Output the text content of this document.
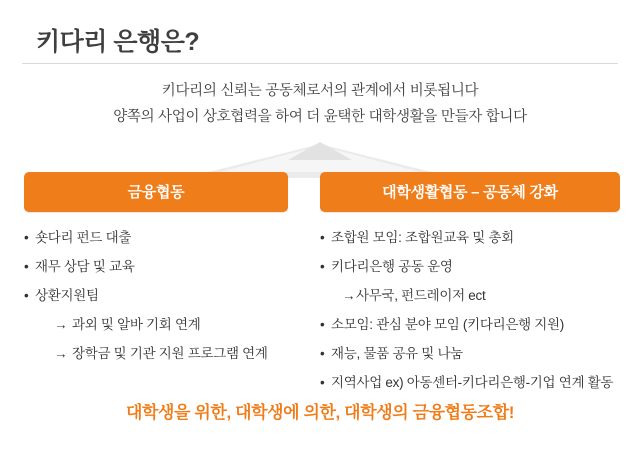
키다리 은행은?
키다리의 신뢰는 공동체로서의 관계에서 비롯됩니다
양쪽의 사업이 상호협력을 하여 더 윤택한 대학생활을 만들자 합니다
금융협동
• 숏다리 펀드 대출
• 재무 상담 및 교육
• 상환지원팀
→ 과외 및 알바 기회 연계
→ 장학금 및 기관 지원 프로그램 연계
대학생활협동 – 공동체 강화
• 조합원 모임: 조합원교육 및 총회
• 키다리은행 공동 운영
→ 사무국, 펀드레이저 ect
• 소모임: 관심 분야 모임 (키다리은행 지원)
• 재능, 물품 공유 및 나눔
• 지역사업 ex) 아동센터-키다리은행-기업 연계 활동
대학생을 위한, 대학생에 의한, 대학생의 금융협동조합!
